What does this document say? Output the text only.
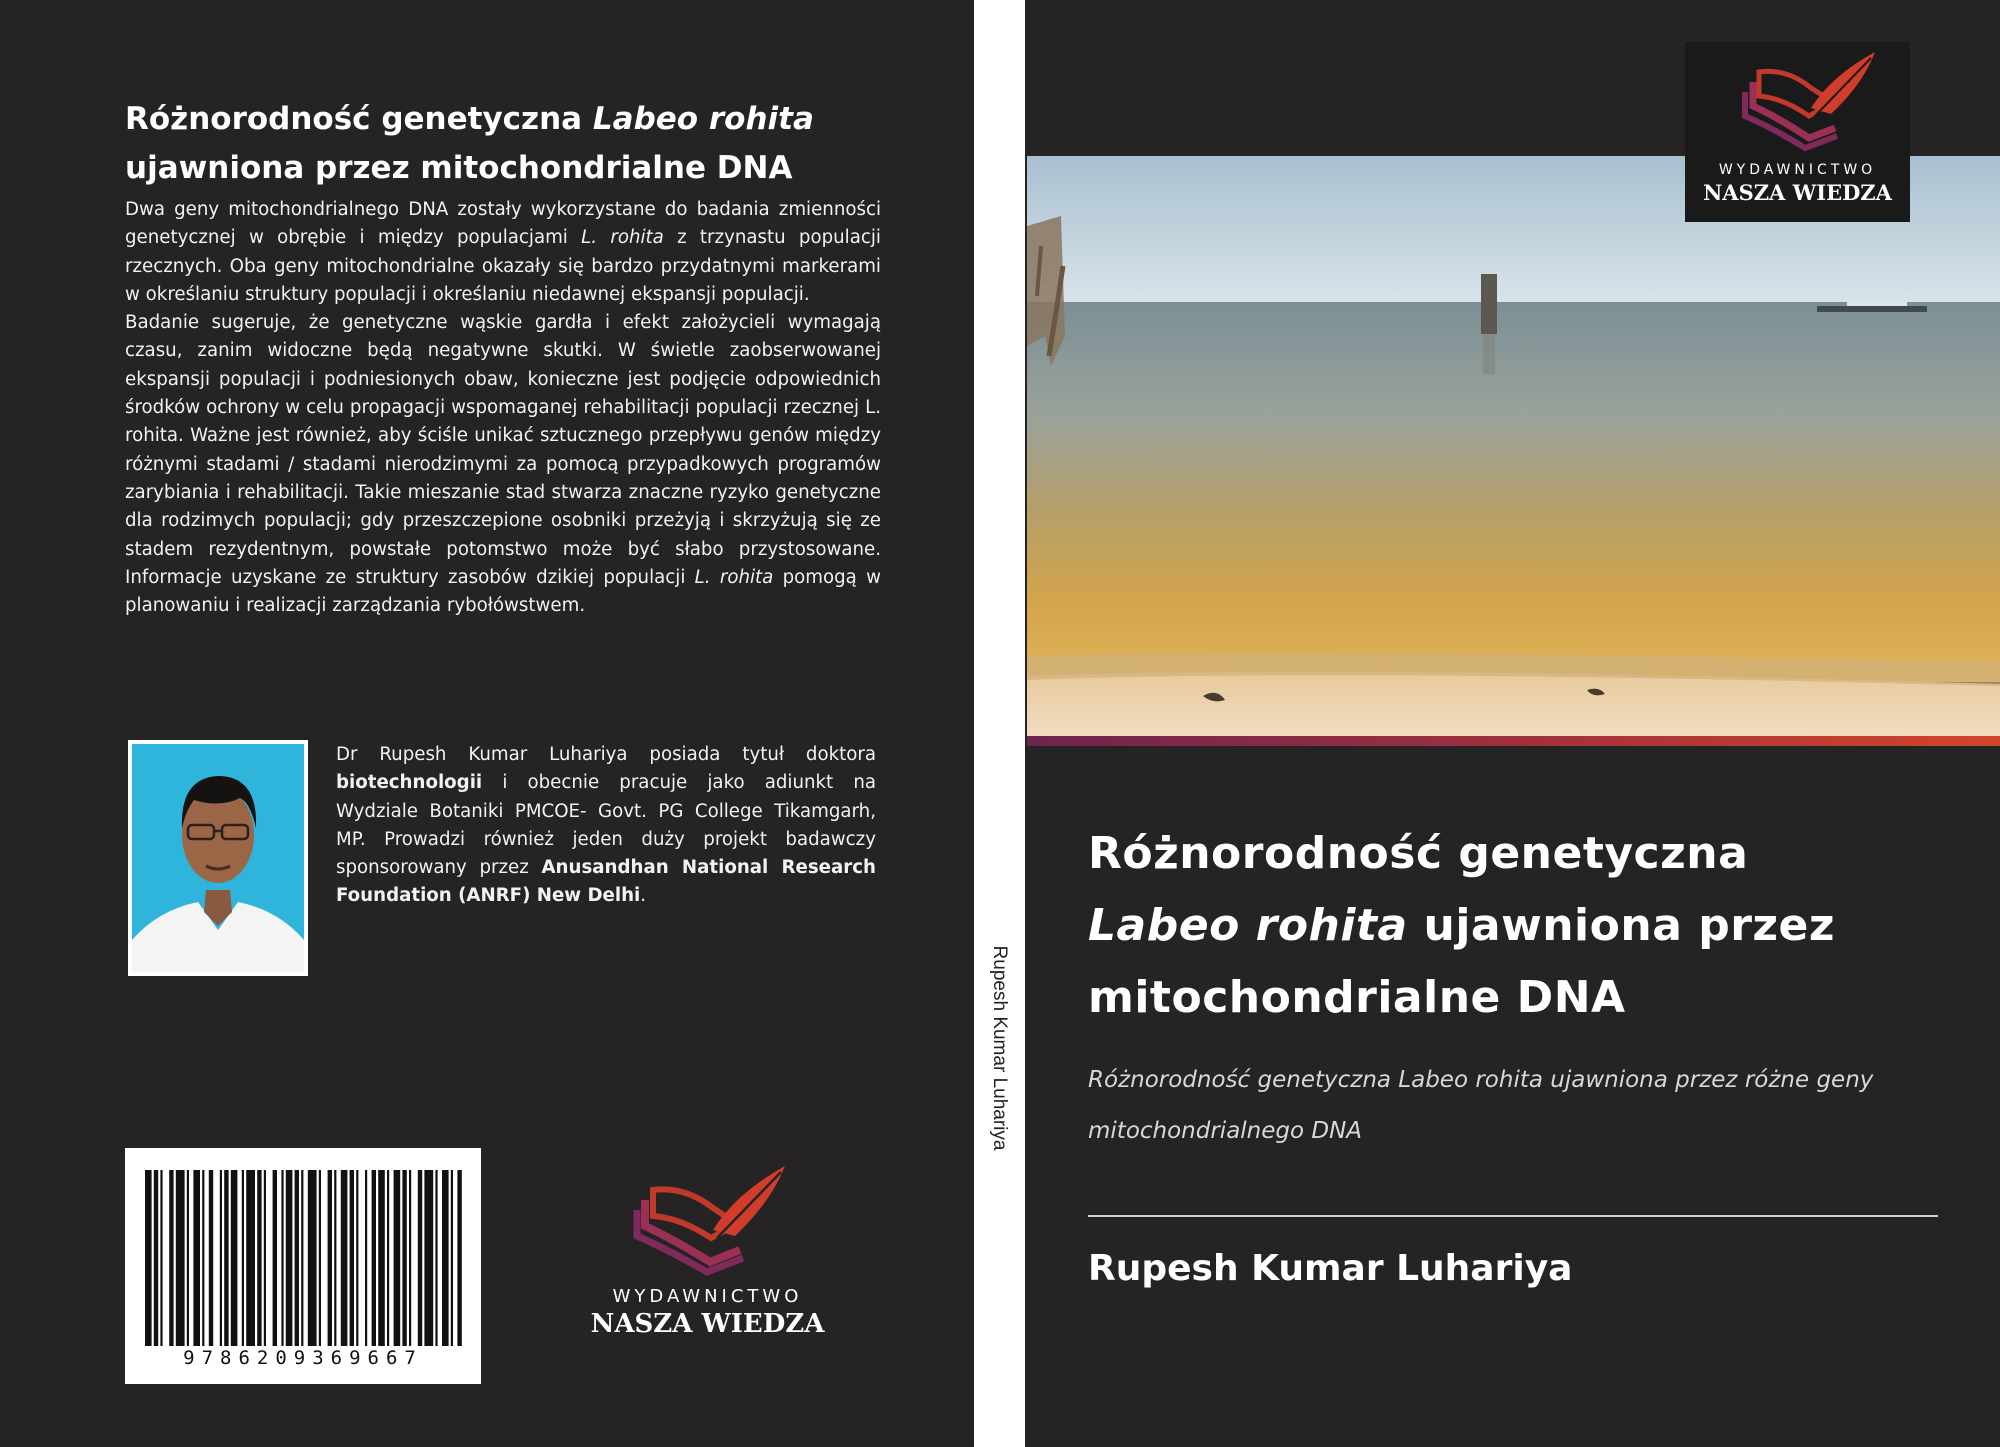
Różnorodność genetyczna Labeo rohita
ujawniona przez mitochondrialne DNA

Dwa geny mitochondrialnego DNA zostały wykorzystane do badania zmienności genetycznej w obrębie i między populacjami L. rohita z trzynastu populacji rzecznych. Oba geny mitochondrialne okazały się bardzo przydatnymi markerami w określaniu struktury populacji i określaniu niedawnej ekspansji populacji.

Badanie sugeruje, że genetyczne wąskie gardła i efekt założycieli wymagają czasu, zanim widoczne będą negatywne skutki. W świetle zaobserwowanej ekspansji populacji i podniesionych obaw, konieczne jest podjęcie odpowiednich środków ochrony w celu propagacji wspomaganej rehabilitacji populacji rzecznej L. rohita. Ważne jest również, aby ściśle unikać sztucznego przepływu genów między różnymi stadami / stadami nierodzimymi za pomocą przypadkowych programów zarybiania i rehabilitacji. Takie mieszanie stad stwarza znaczne ryzyko genetyczne dla rodzimych populacji; gdy przeszczepione osobniki przeżyją i skrzyżują się ze stadem rezydentnym, powstałe potomstwo może być słabo przystosowane. Informacje uzyskane ze struktury zasobów dzikiej populacji L. rohita pomogą w planowaniu i realizacji zarządzania rybołówstwem.

Dr Rupesh Kumar Luhariya posiada tytuł doktora biotechnologii i obecnie pracuje jako adiunkt na Wydziale Botaniki PMCOE- Govt. PG College Tikamgarh, MP. Prowadzi również jeden duży projekt badawczy sponsorowany przez Anusandhan National Research Foundation (ANRF) New Delhi.
9786209369667
WYDAWNICTWO
NASZA WIEDZA
Rupesh Kumar Luhariya
WYDAWNICTWO
NASZA WIEDZA
Różnorodność genetyczna
Labeo rohita ujawniona przez
mitochondrialne DNA
Różnorodność genetyczna Labeo rohita ujawniona przez różne geny mitochondrialnego DNA
Rupesh Kumar Luhariya
